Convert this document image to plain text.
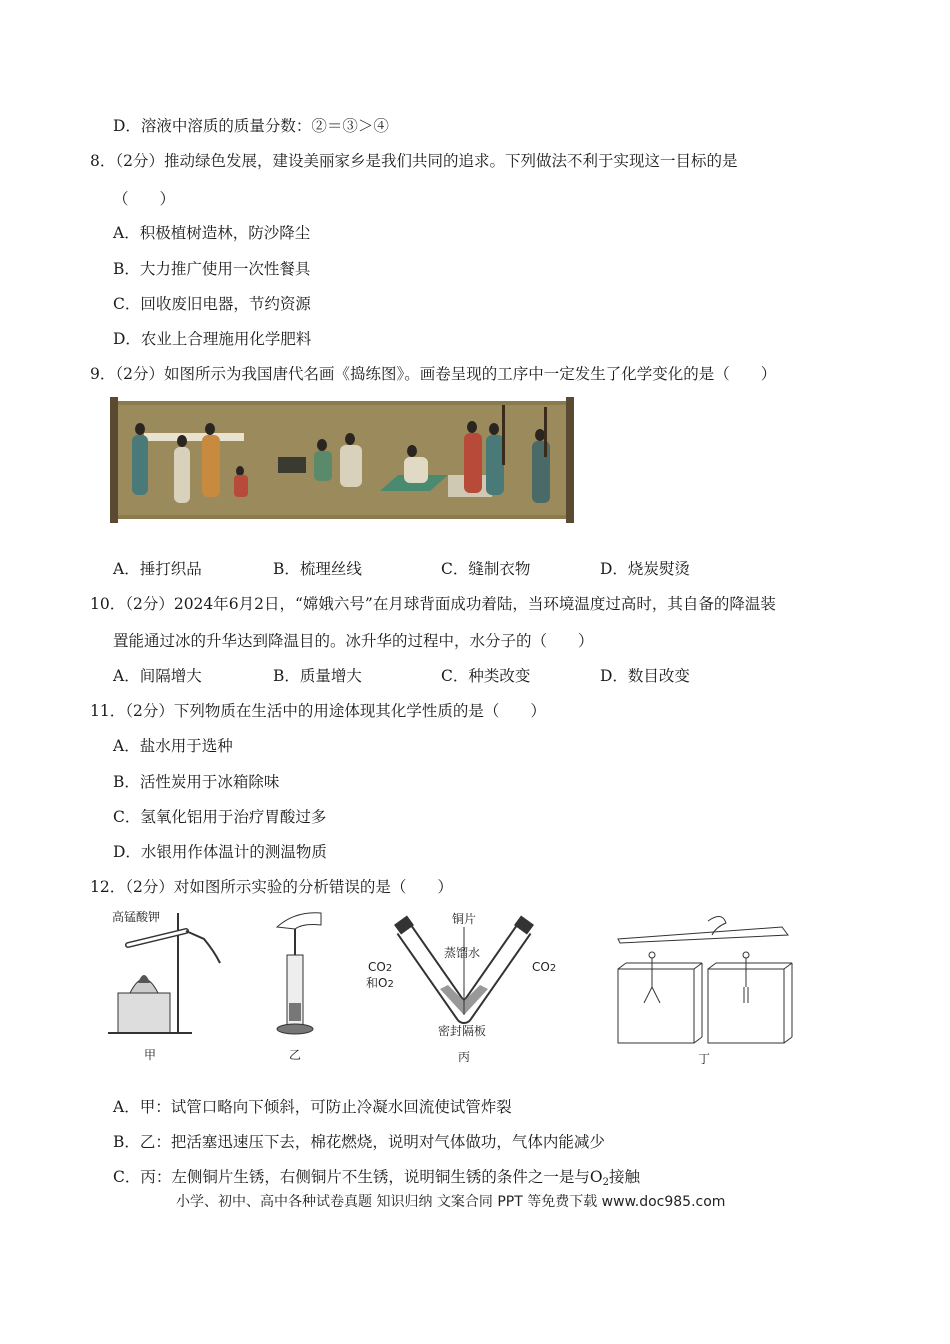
D．溶液中溶质的质量分数：②＝③＞④
8．（2分）推动绿色发展，建设美丽家乡是我们共同的追求。下列做法不利于实现这一目标的是
（　　）
A．积极植树造林，防沙降尘
B．大力推广使用一次性餐具
C．回收废旧电器，节约资源
D．农业上合理施用化学肥料
9．（2分）如图所示为我国唐代名画《捣练图》。画卷呈现的工序中一定发生了化学变化的是（　　）
A．捶打织品	B．梳理丝线	C．缝制衣物	D．烧炭熨烫
10．（2分）2024年6月2日，“嫦娥六号”在月球背面成功着陆，当环境温度过高时，其自备的降温装
置能通过冰的升华达到降温目的。冰升华的过程中，水分子的（　　）
A．间隔增大	B．质量增大	C．种类改变	D．数目改变
11．（2分）下列物质在生活中的用途体现其化学性质的是（　　）
A．盐水用于选种
B．活性炭用于冰箱除味
C．氢氧化铝用于治疗胃酸过多
D．水银用作体温计的测温物质
12．（2分）对如图所示实验的分析错误的是（　　）
高锰酸钾
甲	乙
铜片
蒸馏水
CO2
和O2
CO2
密封隔板
丙	丁
A．甲：试管口略向下倾斜，可防止冷凝水回流使试管炸裂
B．乙：把活塞迅速压下去，棉花燃烧，说明对气体做功，气体内能减少
C．丙：左侧铜片生锈，右侧铜片不生锈，说明铜生锈的条件之一是与$O_2$接触
小学、初中、高中各种试卷真题 知识归纳 文案合同 PPT 等免费下载 www.doc985.com
